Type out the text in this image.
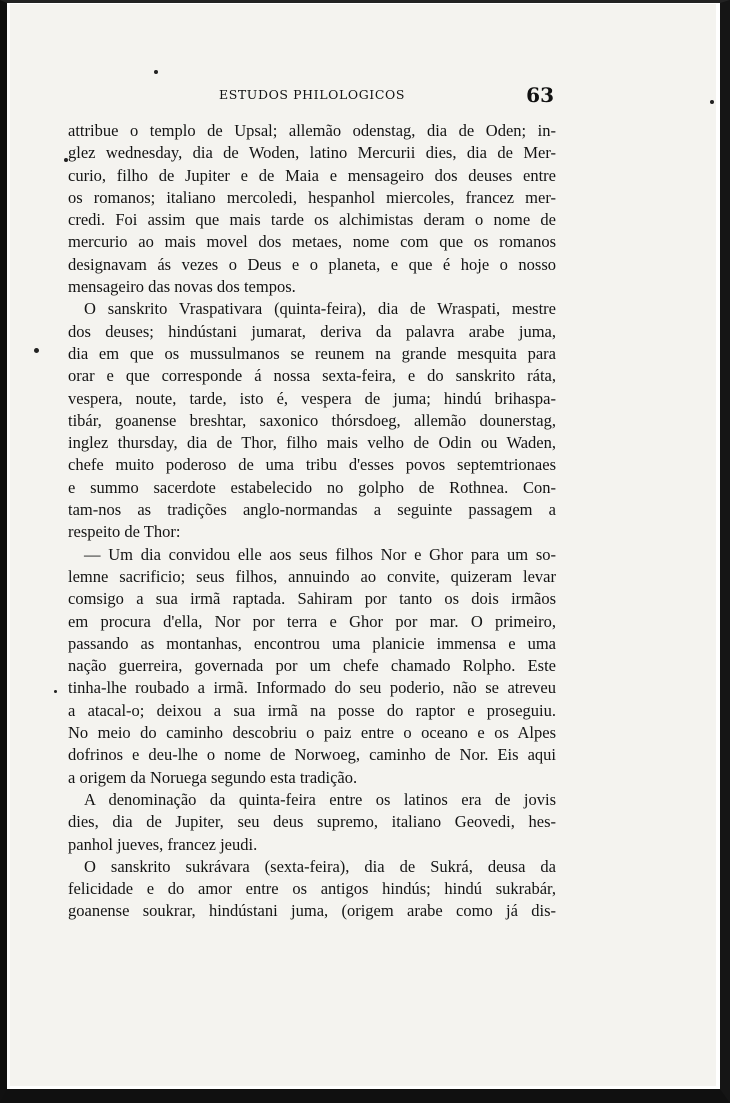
ESTUDOS PHILOLOGICOS	63
attribue o templo de Upsal; allemão odenstag, dia de Oden; in-
glez wednesday, dia de Woden, latino Mercurii dies, dia de Mer-
curio, filho de Jupiter e de Maia e mensageiro dos deuses entre
os romanos; italiano mercoledi, hespanhol miercoles, francez mer-
credi. Foi assim que mais tarde os alchimistas deram o nome de
mercurio ao mais movel dos metaes, nome com que os romanos
designavam ás vezes o Deus e o planeta, e que é hoje o nosso
mensageiro das novas dos tempos.
O sanskrito Vraspativara (quinta-feira), dia de Wraspati, mestre
dos deuses; hindústani jumarat, deriva da palavra arabe juma,
dia em que os mussulmanos se reunem na grande mesquita para
orar e que corresponde á nossa sexta-feira, e do sanskrito ráta,
vespera, noute, tarde, isto é, vespera de juma; hindú brihaspa-
tibár, goanense breshtar, saxonico thórsdoeg, allemão dounerstag,
inglez thursday, dia de Thor, filho mais velho de Odin ou Waden,
chefe muito poderoso de uma tribu d'esses povos septemtrionaes
e summo sacerdote estabelecido no golpho de Rothnea. Con-
tam-nos as tradições anglo-normandas a seguinte passagem a
respeito de Thor:
— Um dia convidou elle aos seus filhos Nor e Ghor para um so-
lemne sacrificio; seus filhos, annuindo ao convite, quizeram levar
comsigo a sua irmã raptada. Sahiram por tanto os dois irmãos
em procura d'ella, Nor por terra e Ghor por mar. O primeiro,
passando as montanhas, encontrou uma planicie immensa e uma
nação guerreira, governada por um chefe chamado Rolpho. Este
tinha-lhe roubado a irmã. Informado do seu poderio, não se atreveu
a atacal-o; deixou a sua irmã na posse do raptor e proseguiu.
No meio do caminho descobriu o paiz entre o oceano e os Alpes
dofrinos e deu-lhe o nome de Norwoeg, caminho de Nor. Eis aqui
a origem da Noruega segundo esta tradição.
A denominação da quinta-feira entre os latinos era de jovis
dies, dia de Jupiter, seu deus supremo, italiano Geovedi, hes-
panhol jueves, francez jeudi.
O sanskrito sukrávara (sexta-feira), dia de Sukrá, deusa da
felicidade e do amor entre os antigos hindús; hindú sukrabár,
goanense soukrar, hindústani juma, (origem arabe como já dis-
